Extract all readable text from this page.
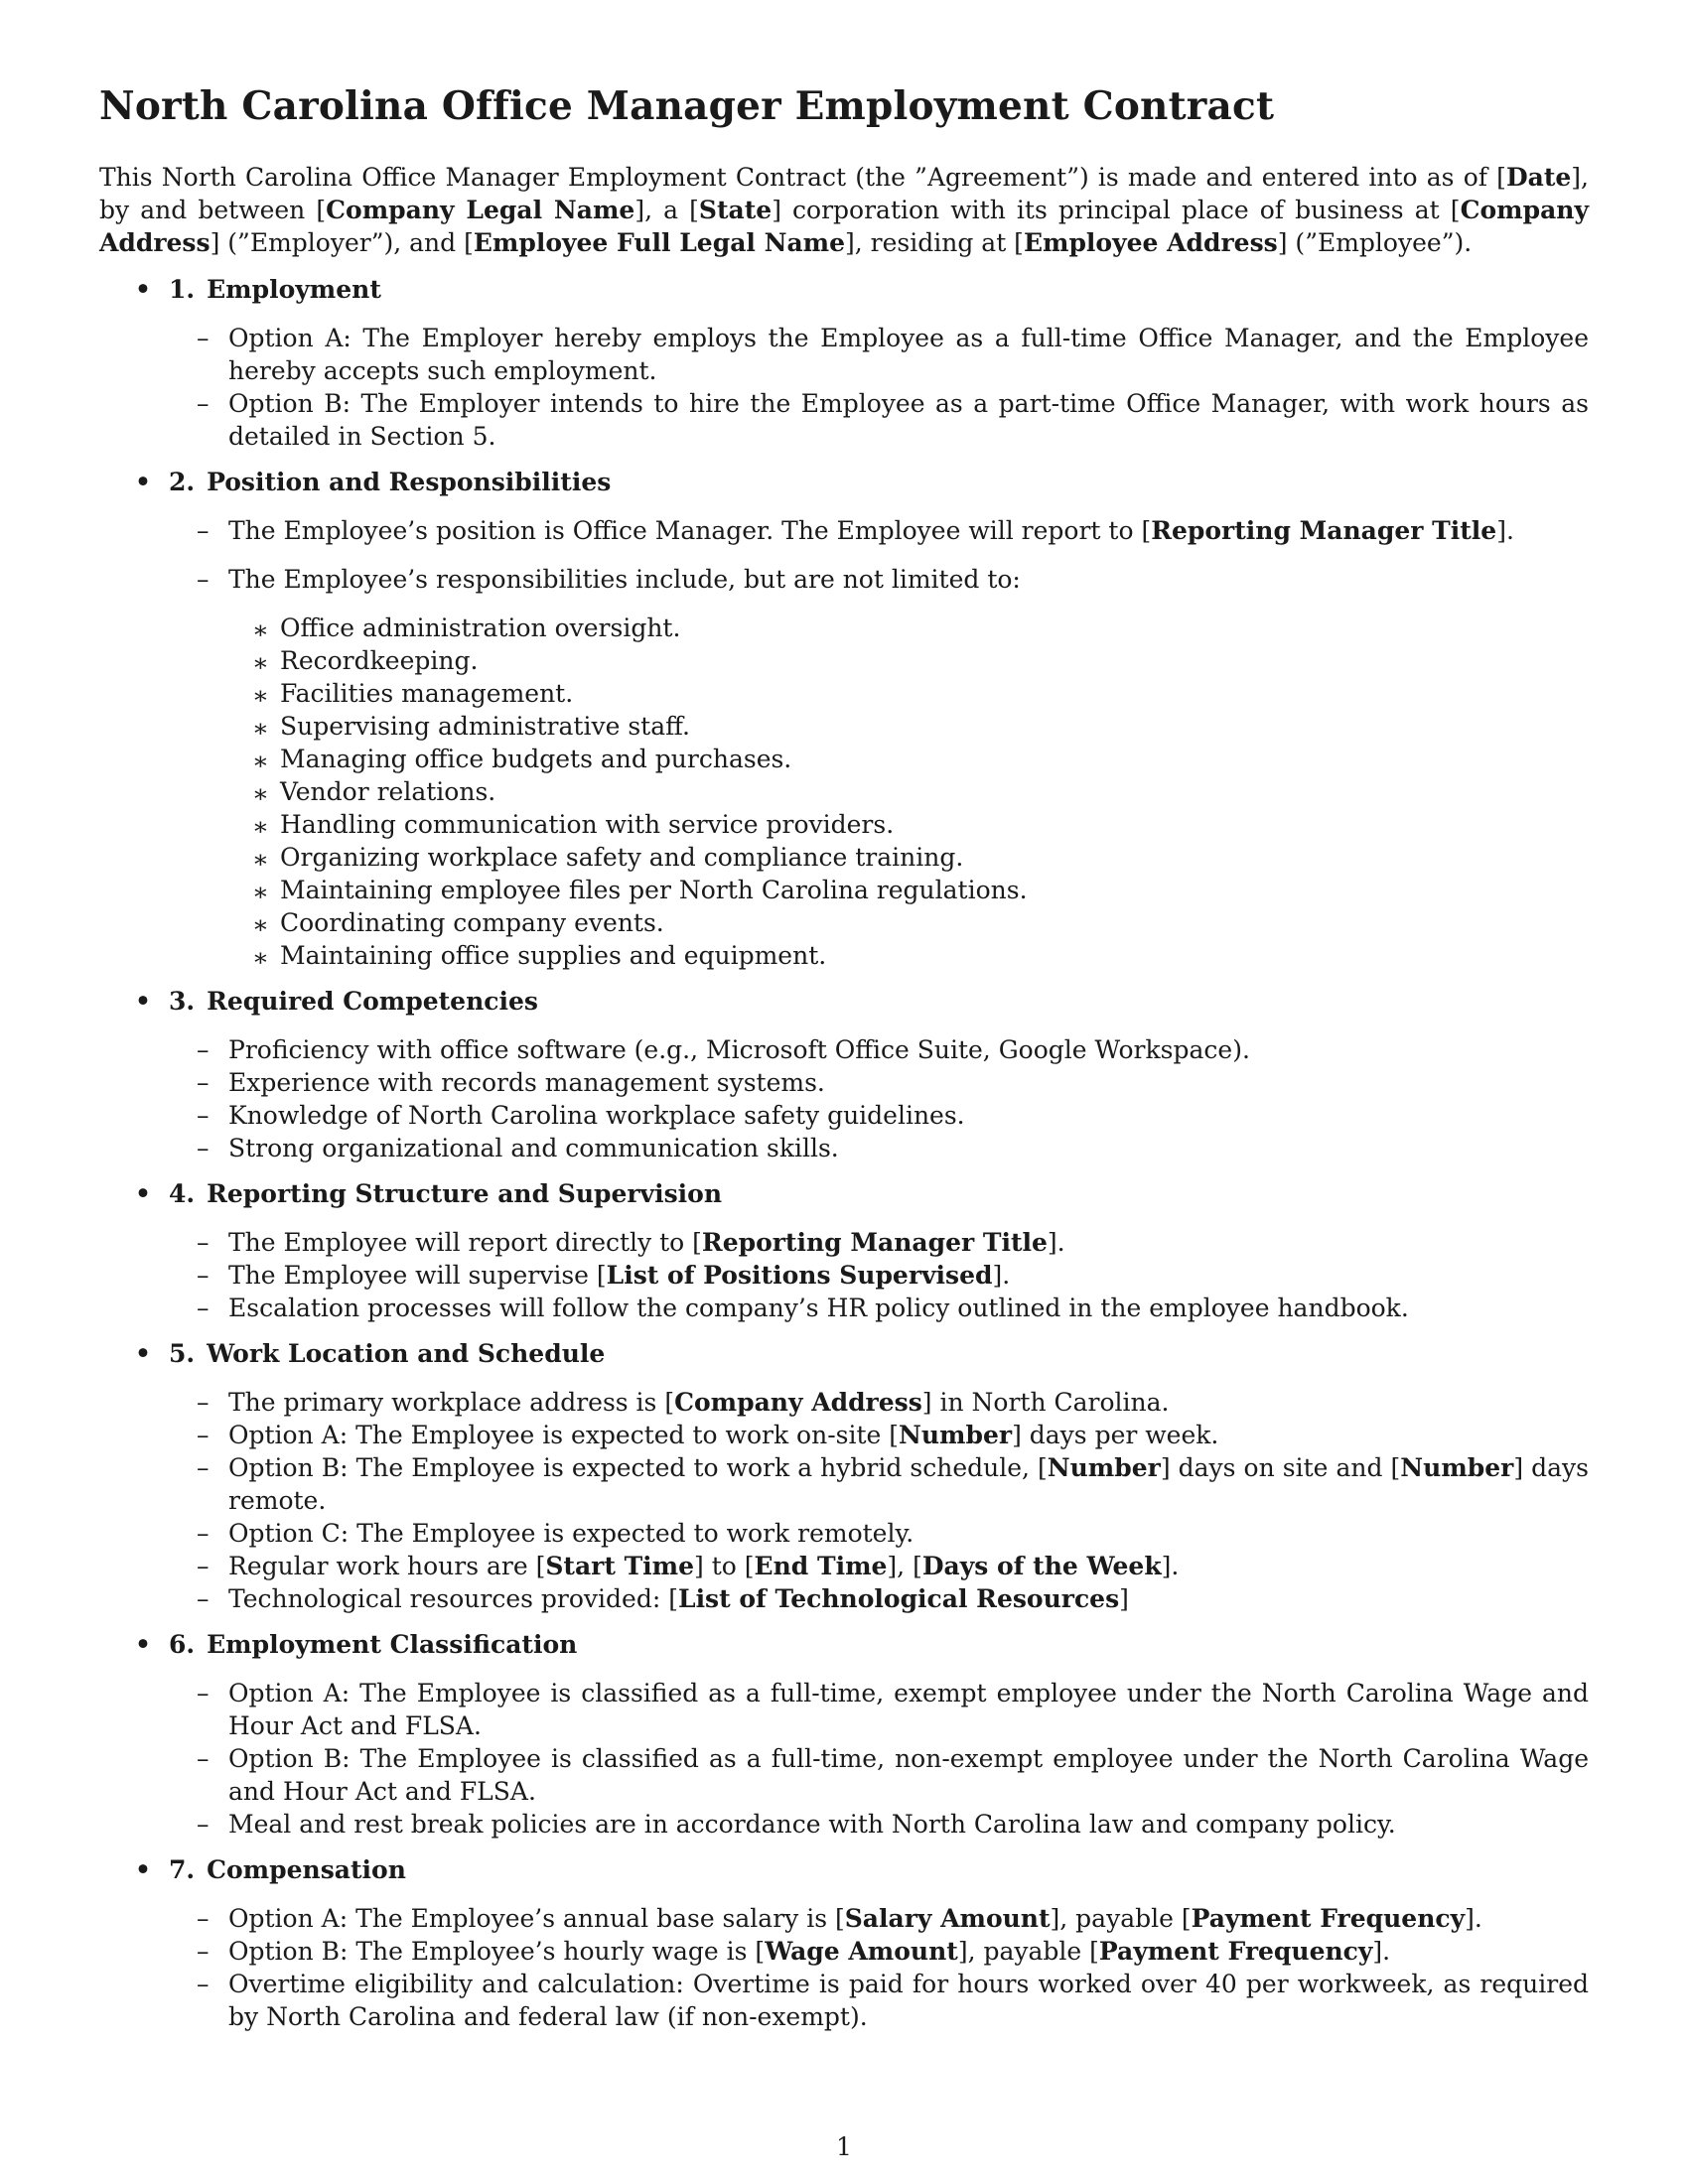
North Carolina Office Manager Employment Contract

This North Carolina Office Manager Employment Contract (the ”Agreement”) is made and entered into as of [Date], by and between [Company Legal Name], a [State] corporation with its principal place of business at [Company Address] (”Employer”), and [Employee Full Legal Name], residing at [Employee Address] (”Employee”).

• 1. Employment
– Option A: The Employer hereby employs the Employee as a full-time Office Manager, and the Employee hereby accepts such employment.
– Option B: The Employer intends to hire the Employee as a part-time Office Manager, with work hours as detailed in Section 5.
• 2. Position and Responsibilities
– The Employee’s position is Office Manager. The Employee will report to [Reporting Manager Title].
– The Employee’s responsibilities include, but are not limited to:
∗ Office administration oversight.
∗ Recordkeeping.
∗ Facilities management.
∗ Supervising administrative staff.
∗ Managing office budgets and purchases.
∗ Vendor relations.
∗ Handling communication with service providers.
∗ Organizing workplace safety and compliance training.
∗ Maintaining employee files per North Carolina regulations.
∗ Coordinating company events.
∗ Maintaining office supplies and equipment.
• 3. Required Competencies
– Proficiency with office software (e.g., Microsoft Office Suite, Google Workspace).
– Experience with records management systems.
– Knowledge of North Carolina workplace safety guidelines.
– Strong organizational and communication skills.
• 4. Reporting Structure and Supervision
– The Employee will report directly to [Reporting Manager Title].
– The Employee will supervise [List of Positions Supervised].
– Escalation processes will follow the company’s HR policy outlined in the employee handbook.
• 5. Work Location and Schedule
– The primary workplace address is [Company Address] in North Carolina.
– Option A: The Employee is expected to work on-site [Number] days per week.
– Option B: The Employee is expected to work a hybrid schedule, [Number] days on site and [Number] days remote.
– Option C: The Employee is expected to work remotely.
– Regular work hours are [Start Time] to [End Time], [Days of the Week].
– Technological resources provided: [List of Technological Resources]
• 6. Employment Classification
– Option A: The Employee is classified as a full-time, exempt employee under the North Carolina Wage and Hour Act and FLSA.
– Option B: The Employee is classified as a full-time, non-exempt employee under the North Carolina Wage and Hour Act and FLSA.
– Meal and rest break policies are in accordance with North Carolina law and company policy.
• 7. Compensation
– Option A: The Employee’s annual base salary is [Salary Amount], payable [Payment Frequency].
– Option B: The Employee’s hourly wage is [Wage Amount], payable [Payment Frequency].
– Overtime eligibility and calculation: Overtime is paid for hours worked over 40 per workweek, as required by North Carolina and federal law (if non-exempt).
1
